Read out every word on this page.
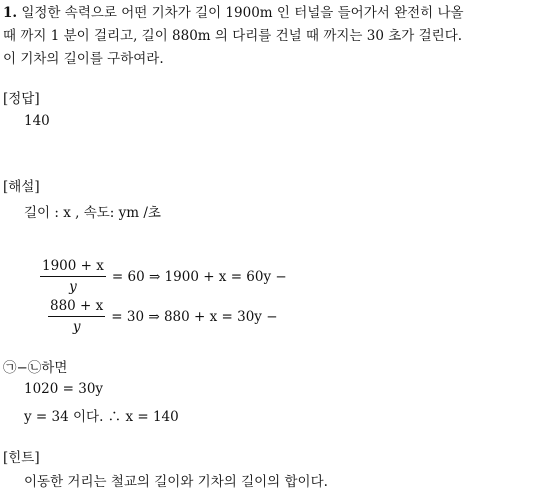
1. 일정한 속력으로 어떤 기차가 길이 1900m 인 터널을 들어가서 완전히 나올
때 까지 1 분이 걸리고, 길이 880m 의 다리를 건널 때 까지는 30 초가 걸린다.
이 기차의 길이를 구하여라.
[정답]
140
[해설]
길이 : x , 속도: ym /초
$\frac{1900 + x}{y} = 60$ ⇒ 1900 + x = 60y −
$\frac{880 + x}{y} = 30$ ⇒ 880 + x = 30y −
㉠−㉡하면
1020 = 30y
y = 34 이다. ∴ x = 140
[힌트]
이동한 거리는 철교의 길이와 기차의 길이의 합이다.
